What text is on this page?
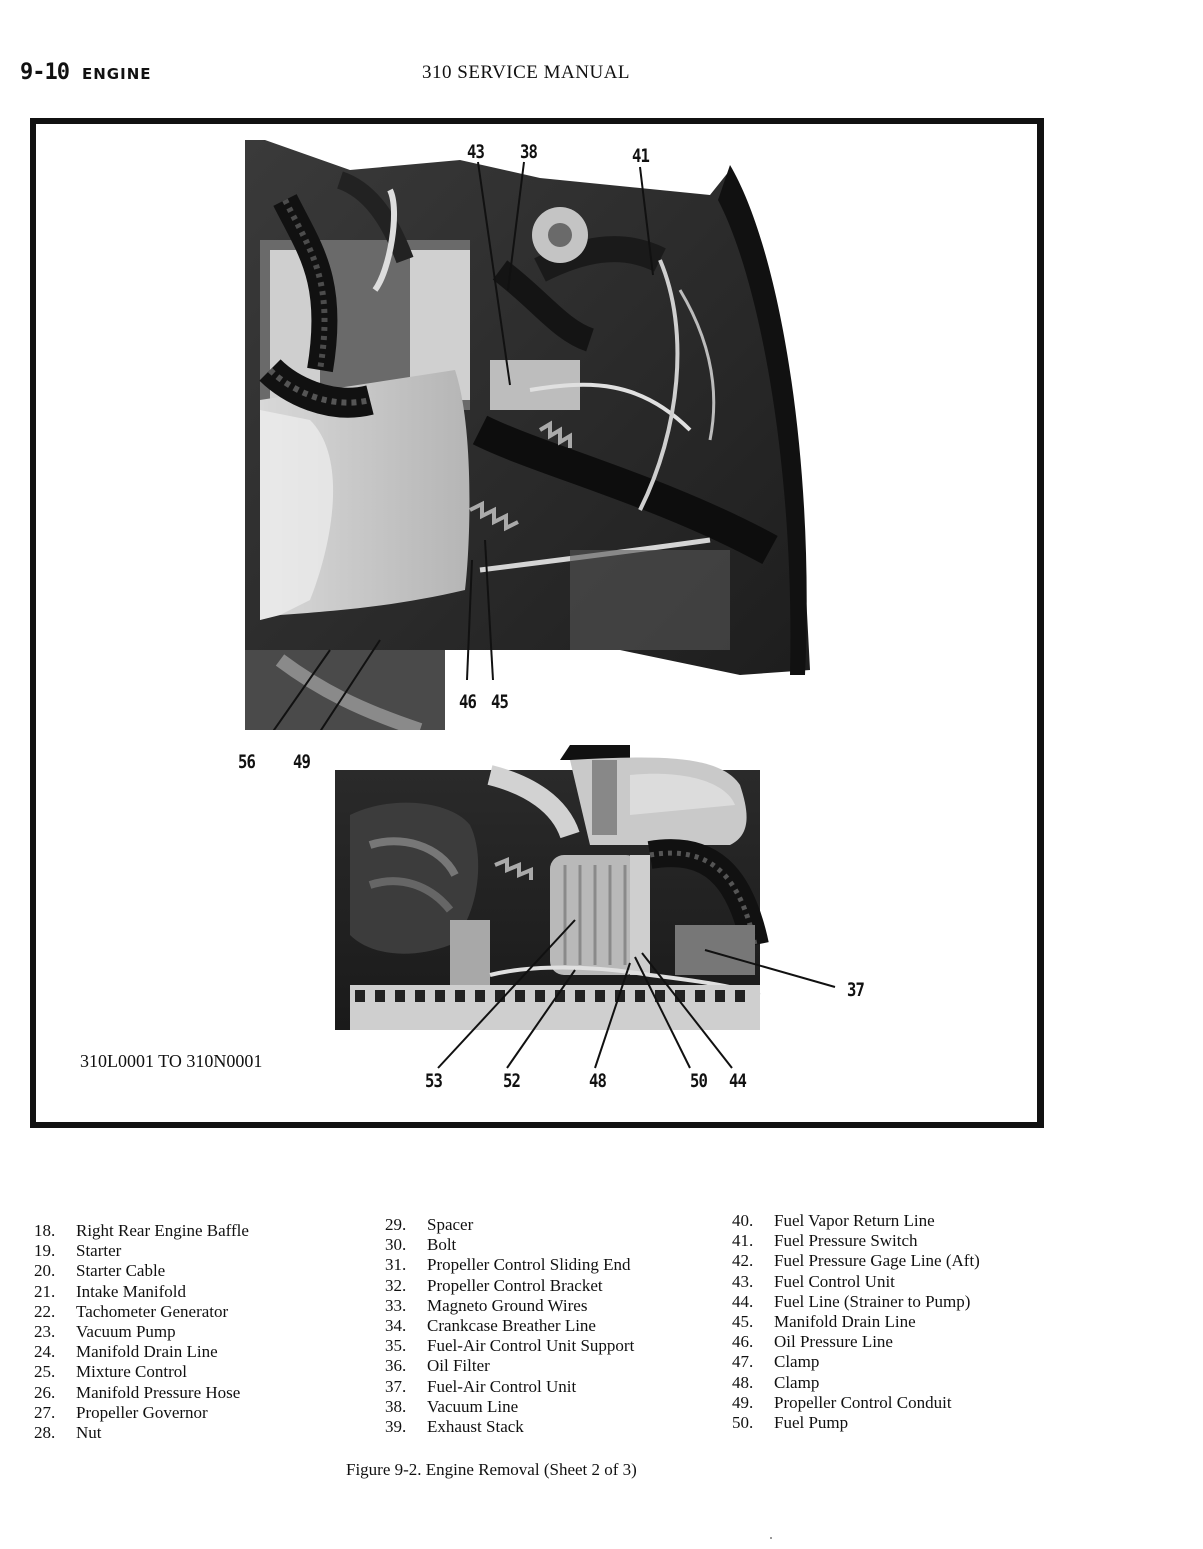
9-10 ENGINE	310 SERVICE MANUAL
43 38	41
46 45
56 49
37
53	52	48	50 44
310L0001 TO 310N0001
18. Right Rear Engine Baffle
19. Starter
20. Starter Cable
21. Intake Manifold
22. Tachometer Generator
23. Vacuum Pump
24. Manifold Drain Line
25. Mixture Control
26. Manifold Pressure Hose
27. Propeller Governor
28. Nut
29. Spacer
30. Bolt
31. Propeller Control Sliding End
32. Propeller Control Bracket
33. Magneto Ground Wires
34. Crankcase Breather Line
35. Fuel-Air Control Unit Support
36. Oil Filter
37. Fuel-Air Control Unit
38. Vacuum Line
39. Exhaust Stack
40. Fuel Vapor Return Line
41. Fuel Pressure Switch
42. Fuel Pressure Gage Line (Aft)
43. Fuel Control Unit
44. Fuel Line (Strainer to Pump)
45. Manifold Drain Line
46. Oil Pressure Line
47. Clamp
48. Clamp
49. Propeller Control Conduit
50. Fuel Pump
Figure 9-2. Engine Removal (Sheet 2 of 3)
